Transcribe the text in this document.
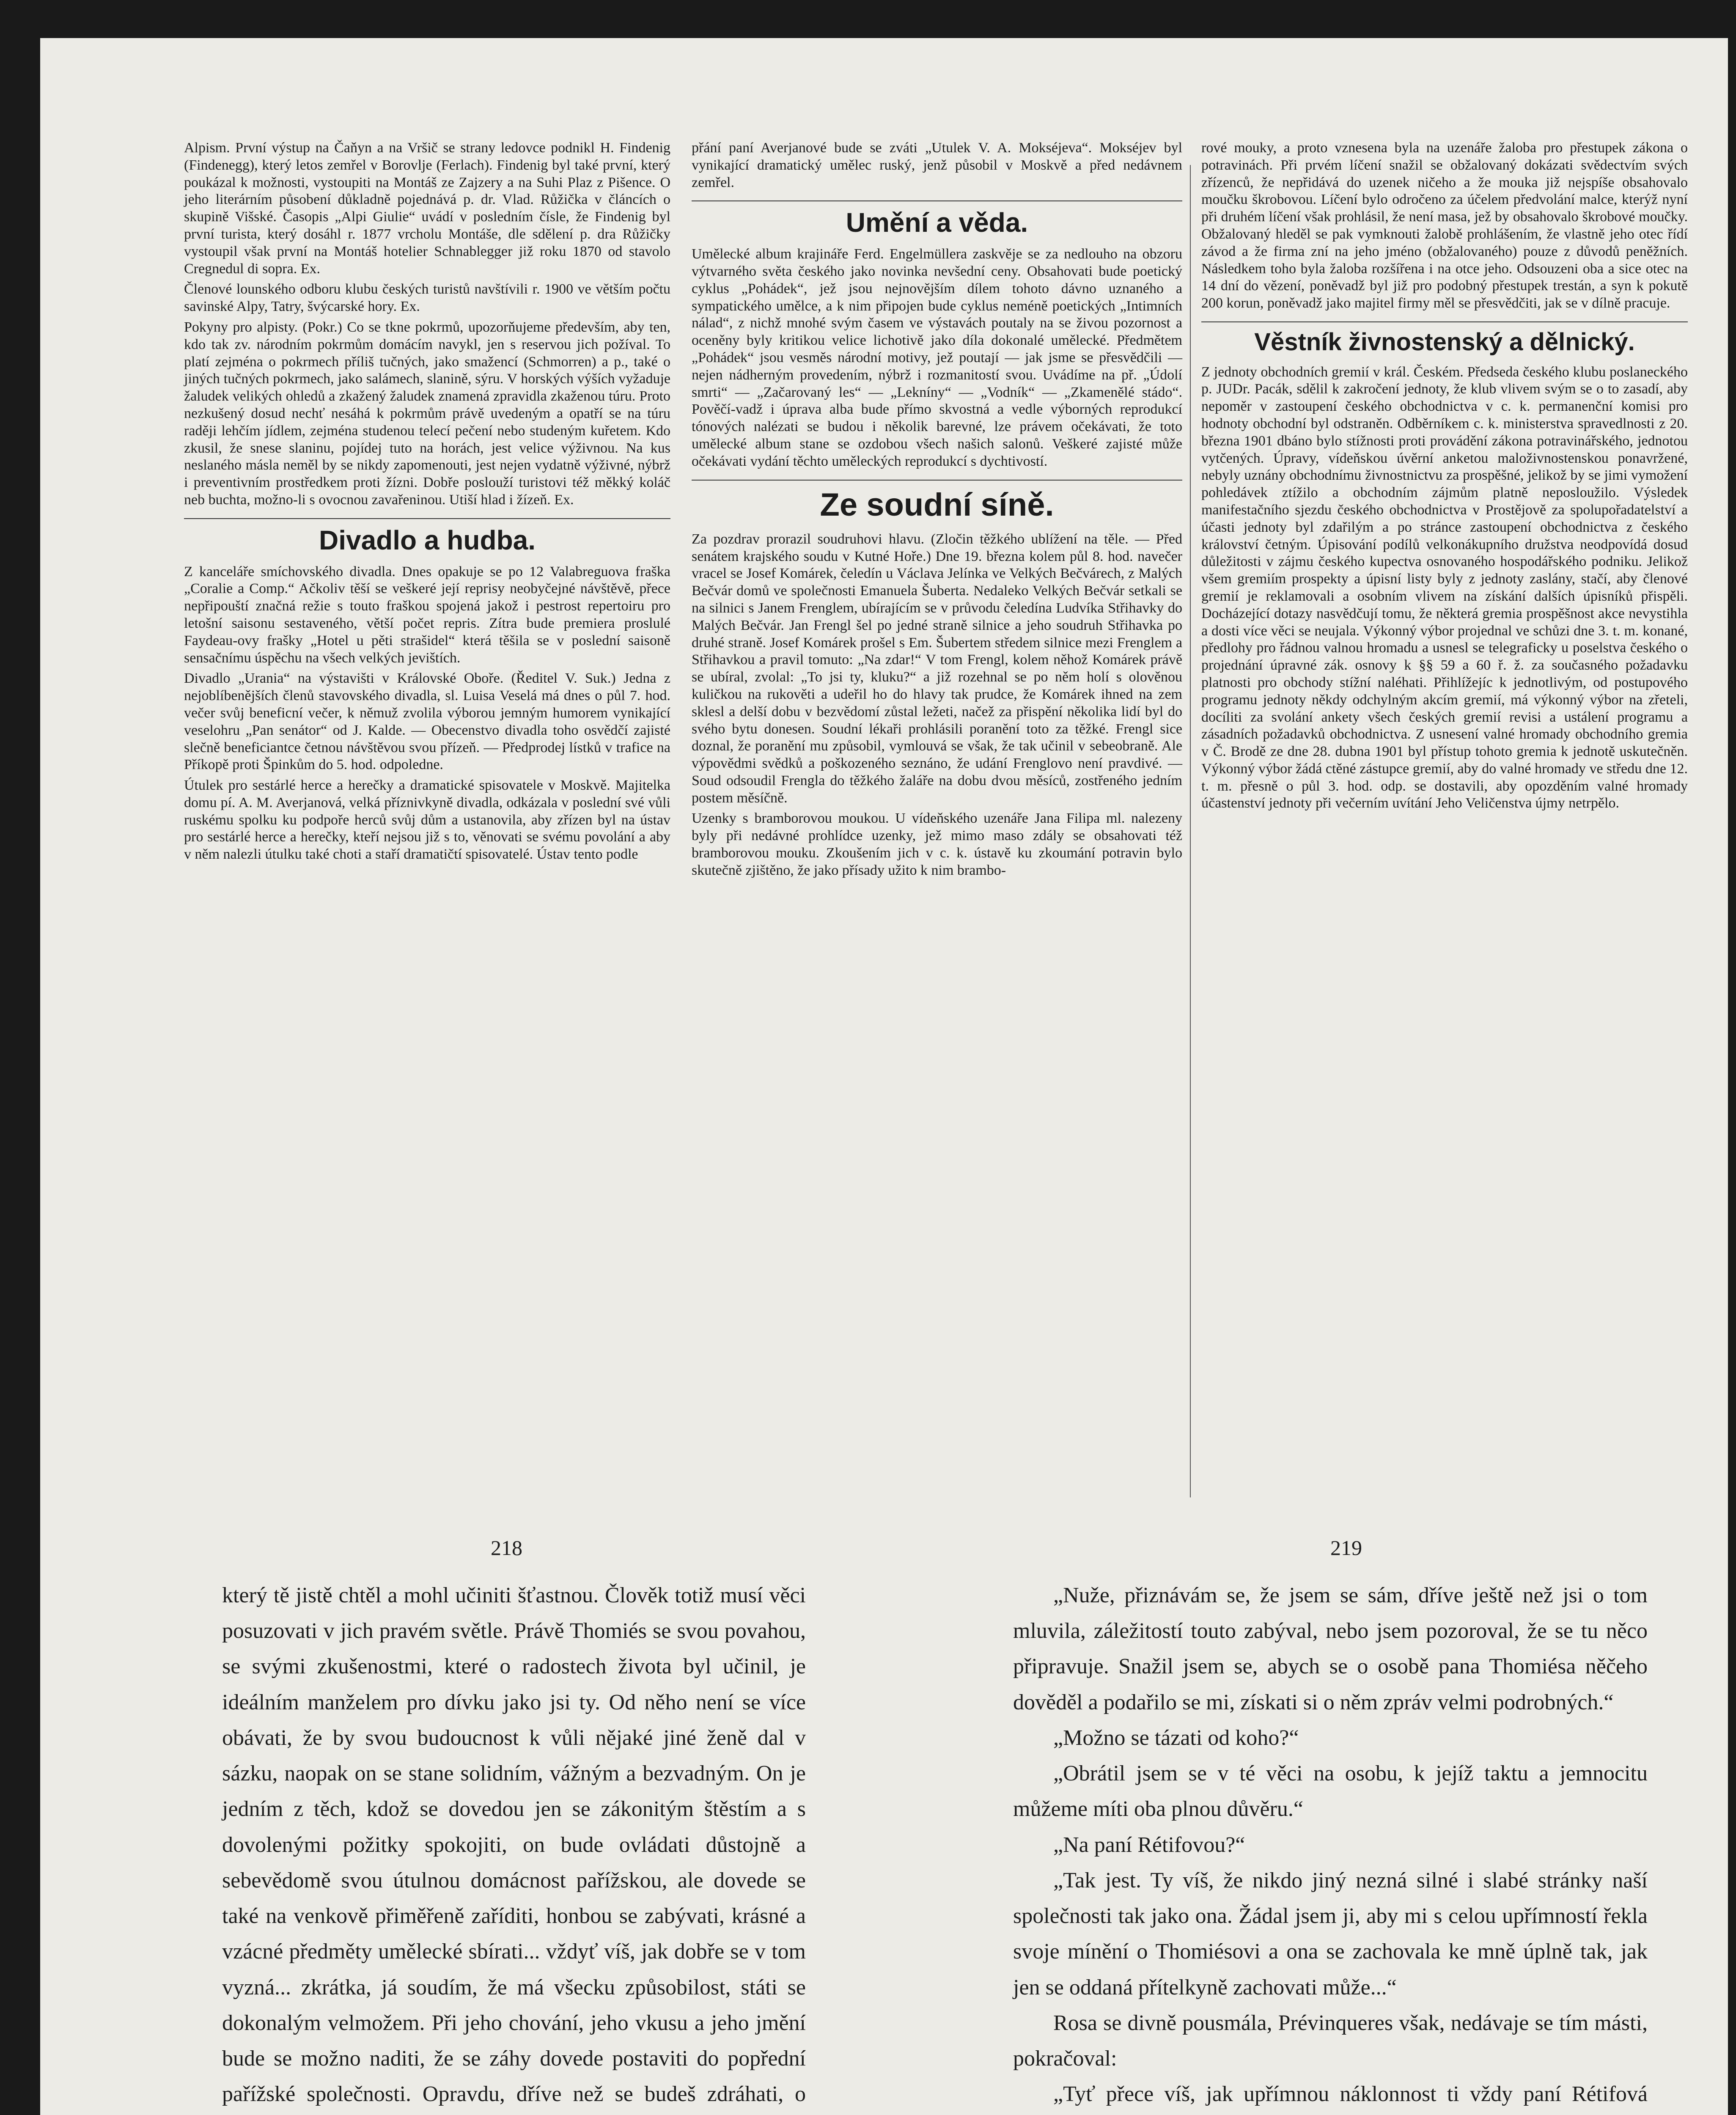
Alpism. První výstup na Čaňyn a na Vršič se strany ledovce podnikl H. Findenig (Findenegg), který letos zemřel v Borovlje (Ferlach). Findenig byl také první, který poukázal k možnosti, vystoupiti na Montáš ze Zajzery a na Suhi Plaz z Pišence. O jeho literárním působení důkladně pojednává p. dr. Vlad. Růžička v článcích o skupině Višské. Časopis „Alpi Giulie“ uvádí v posledním čísle, že Findenig byl první turista, který dosáhl r. 1877 vrcholu Montáše, dle sdělení p. dra Růžičky vystoupil však první na Montáš hotelier Schnablegger již roku 1870 od stavolo Cregnedul di sopra. Ex.

Členové lounského odboru klubu českých turistů navštívili r. 1900 ve větším počtu savinské Alpy, Tatry, švýcarské hory. Ex.

Pokyny pro alpisty. (Pokr.) Co se tkne pokrmů, upozorňujeme především, aby ten, kdo tak zv. národním pokrmům domácím navykl, jen s reservou jich požíval. To platí zejména o pokrmech příliš tučných, jako smažencí (Schmorren) a p., také o jiných tučných pokrmech, jako salámech, slanině, sýru. V horských výších vyžaduje žaludek velikých ohledů a zkažený žaludek znamená zpravidla zkaženou túru. Proto nezkušený dosud nechť nesáhá k pokrmům právě uvedeným a opatří se na túru raději lehčím jídlem, zejména studenou telecí pečení nebo studeným kuřetem. Kdo zkusil, že snese slaninu, pojídej tuto na horách, jest velice výživnou. Na kus neslaného másla neměl by se nikdy zapomenouti, jest nejen vydatně výživné, nýbrž i preventivním prostředkem proti žízni. Dobře poslouží turistovi též měkký koláč neb buchta, možno-li s ovocnou zavařeninou. Utiší hlad i žízeň. Ex.

Divadlo a hudba.

Z kanceláře smíchovského divadla. Dnes opakuje se po 12 Valabreguova fraška „Coralie a Comp.“ Ačkoliv těší se veškeré její reprisy neobyčejné návštěvě, přece nepřipouští značná režie s touto fraškou spojená jakož i pestrost repertoiru pro letošní saisonu sestaveného, větší počet repris. Zítra bude premiera proslulé Faydeau-ovy frašky „Hotel u pěti strašidel“ která těšila se v poslední saisoně sensačnímu úspěchu na všech velkých jevištích.

Divadlo „Urania“ na výstavišti v Královské Oboře. (Ředitel V. Suk.) Jedna z nejoblíbenějších členů stavovského divadla, sl. Luisa Veselá má dnes o půl 7. hod. večer svůj beneficní večer, k němuž zvolila výborou jemným humorem vynikající veselohru „Pan senátor“ od J. Kalde. — Obecenstvo divadla toho osvědčí zajisté slečně beneficiantce četnou návštěvou svou přízeň. — Předprodej lístků v trafice na Příkopě proti Špinkům do 5. hod. odpoledne.

Útulek pro sestárlé herce a herečky a dramatické spisovatele v Moskvě. Majitelka domu pí. A. M. Averjanová, velká příznivkyně divadla, odkázala v poslední své vůli ruskému spolku ku podpoře herců svůj dům a ustanovila, aby zřízen byl na ústav pro sestárlé herce a herečky, kteří nejsou již s to, věnovati se svému povolání a aby v něm nalezli útulku také choti a staří dramatičtí spisovatelé. Ústav tento podle

přání paní Averjanové bude se zváti „Utulek V. A. Mokséjeva“. Mokséjev byl vynikající dramatický umělec ruský, jenž působil v Moskvě a před nedávnem zemřel.

Umění a věda.

Umělecké album krajináře Ferd. Engelmüllera zaskvěje se za nedlouho na obzoru výtvarného světa českého jako novinka nevšední ceny. Obsahovati bude poetický cyklus „Pohádek“, jež jsou nejnovějším dílem tohoto dávno uznaného a sympatického umělce, a k nim připojen bude cyklus neméně poetických „Intimních nálad“, z nichž mnohé svým časem ve výstavách poutaly na se živou pozornost a oceněny byly kritikou velice lichotivě jako díla dokonalé umělecké. Předmětem „Pohádek“ jsou vesměs národní motivy, jež poutají — jak jsme se přesvědčili — nejen nádherným provedením, nýbrž i rozmanitostí svou. Uvádíme na př. „Údolí smrti“ — „Začarovaný les“ — „Lekníny“ — „Vodník“ — „Zkamenělé stádo“. Pověčí-vadž i úprava alba bude přímo skvostná a vedle výborných reprodukcí tónových nalézati se budou i několik barevné, lze právem očekávati, že toto umělecké album stane se ozdobou všech našich salonů. Veškeré zajisté může očekávati vydání těchto uměleckých reprodukcí s dychtivostí.

Ze soudní síně.

Za pozdrav prorazil soudruhovi hlavu. (Zločin těžkého ublížení na těle. — Před senátem krajského soudu v Kutné Hoře.) Dne 19. března kolem půl 8. hod. navečer vracel se Josef Komárek, čeledín u Václava Jelínka ve Velkých Bečvárech, z Malých Bečvár domů ve společnosti Emanuela Šuberta. Nedaleko Velkých Bečvár setkali se na silnici s Janem Frenglem, ubírajícím se v průvodu čeledína Ludvíka Střihavky do Malých Bečvár. Jan Frengl šel po jedné straně silnice a jeho soudruh Střihavka po druhé straně. Josef Komárek prošel s Em. Šubertem středem silnice mezi Frenglem a Střihavkou a pravil tomuto: „Na zdar!“ V tom Frengl, kolem něhož Komárek právě se ubíral, zvolal: „To jsi ty, kluku?“ a již rozehnal se po něm holí s olověnou kuličkou na rukověti a udeřil ho do hlavy tak prudce, že Komárek ihned na zem sklesl a delší dobu v bezvědomí zůstal ležeti, načež za přispění několika lidí byl do svého bytu donesen. Soudní lékaři prohlásili poranění toto za těžké. Frengl sice doznal, že poranění mu způsobil, vymlouvá se však, že tak učinil v sebeobraně. Ale výpovědmi svědků a poškozeného seznáno, že udání Frenglovo není pravdivé. — Soud odsoudil Frengla do těžkého žaláře na dobu dvou měsíců, zostřeného jedním postem měsíčně.

Uzenky s bramborovou moukou. U vídeňského uzenáře Jana Filipa ml. nalezeny byly při nedávné prohlídce uzenky, jež mimo maso zdály se obsahovati též bramborovou mouku. Zkoušením jich v c. k. ústavě ku zkoumání potravin bylo skutečně zjištěno, že jako přísady užito k nim brambo-

rové mouky, a proto vznesena byla na uzenáře žaloba pro přestupek zákona o potravinách. Při prvém líčení snažil se obžalovaný dokázati svědectvím svých zřízenců, že nepřidává do uzenek ničeho a že mouka již nejspíše obsahovalo moučku škrobovou. Líčení bylo odročeno za účelem předvolání malce, kterýž nyní při druhém líčení však prohlásil, že není masa, jež by obsahovalo škrobové moučky. Obžalovaný hleděl se pak vymknouti žalobě prohlášením, že vlastně jeho otec řídí závod a že firma zní na jeho jméno (obžalovaného) pouze z důvodů peněžních. Následkem toho byla žaloba rozšířena i na otce jeho. Odsouzeni oba a sice otec na 14 dní do vězení, poněvadž byl již pro podobný přestupek trestán, a syn k pokutě 200 korun, poněvadž jako majitel firmy měl se přesvědčiti, jak se v dílně pracuje.

Věstník živnostenský a dělnický.

Z jednoty obchodních gremií v král. Českém. Předseda českého klubu poslaneckého p. JUDr. Pacák, sdělil k zakročení jednoty, že klub vlivem svým se o to zasadí, aby nepoměr v zastoupení českého obchodnictva v c. k. permanenční komisi pro hodnoty obchodní byl odstraněn. Odběrníkem c. k. ministerstva spravedlnosti z 20. března 1901 dbáno bylo stížnosti proti provádění zákona potravinářského, jednotou vytčených. Úpravy, vídeňskou úvěrní anketou maloživnostenskou ponavržené, nebyly uznány obchodnímu živnostnictvu za prospěšné, jelikož by se jimi vymožení pohledávek ztížilo a obchodním zájmům platně neposloužilo. Výsledek manifestačního sjezdu českého obchodnictva v Prostějově za spolupořadatelství a účasti jednoty byl zdařilým a po stránce zastoupení obchodnictva z českého království četným. Úpisování podílů velkonákupního družstva neodpovídá dosud důležitosti v zájmu českého kupectva osnovaného hospodářského podniku. Jelikož všem gremiím prospekty a úpisní listy byly z jednoty zaslány, stačí, aby členové gremií je reklamovali a osobním vlivem na získání dalších úpisníků přispěli. Docházející dotazy nasvědčují tomu, že některá gremia prospěšnost akce nevystihla a dosti více věci se neujala. Výkonný výbor projednal ve schůzi dne 3. t. m. konané, předlohy pro řádnou valnou hromadu a usnesl se telegraficky u poselstva českého o projednání úpravné zák. osnovy k §§ 59 a 60 ř. ž. za současného požadavku platnosti pro obchody stížní naléhati. Přihlížejíc k jednotlivým, od postupového programu jednoty někdy odchylným akcím gremií, má výkonný výbor na zřeteli, docíliti za svolání ankety všech českých gremií revisi a ustálení programu a zásadních požadavků obchodnictva. Z usnesení valné hromady obchodního gremia v Č. Brodě ze dne 28. dubna 1901 byl přístup tohoto gremia k jednotě uskutečněn. Výkonný výbor žádá ctěné zástupce gremií, aby do valné hromady ve středu dne 12. t. m. přesně o půl 3. hod. odp. se dostavili, aby opozděním valné hromady účastenství jednoty při večerním uvítání Jeho Veličenstva újmy netrpělo.

218	219

který tě jistě chtěl a mohl učiniti šťastnou. Člověk totiž musí věci posuzovati v jich pravém světle. Právě Thomiés se svou povahou, se svými zkušenostmi, které o radostech života byl učinil, je ideálním manželem pro dívku jako jsi ty. Od něho není se více obávati, že by svou budoucnost k vůli nějaké jiné ženě dal v sázku, naopak on se stane solidním, vážným a bezvadným. On je jedním z těch, kdož se dovedou jen se zákonitým štěstím a s dovolenými požitky spokojiti, on bude ovládati důstojně a sebevědomě svou útulnou domácnost pařížskou, ale dovede se také na venkově přiměřeně zaříditi, honbou se zabývati, krásné a vzácné předměty umělecké sbírati... vždyť víš, jak dobře se v tom vyzná... zkrátka, já soudím, že má všecku způsobilost, státi se dokonalým velmožem. Při jeho chování, jeho vkusu a jeho jmění bude se možno naditi, že se záhy dovede postaviti do popřední pařížské společnosti. Opravdu, dříve než se budeš zdráhati, o

„Nuže, přiznávám se, že jsem se sám, dříve ještě než jsi o tom mluvila, záležitostí touto zabýval, nebo jsem pozoroval, že se tu něco připravuje. Snažil jsem se, abych se o osobě pana Thomiésa něčeho dověděl a podařilo se mi, získati si o něm zpráv velmi podrobných.“

„Možno se tázati od koho?“

„Obrátil jsem se v té věci na osobu, k jejíž taktu a jemnocitu můžeme míti oba plnou důvěru.“

„Na paní Rétifovou?“

„Tak jest. Ty víš, že nikdo jiný nezná silné i slabé stránky naší společnosti tak jako ona. Žádal jsem ji, aby mi s celou upřímností řekla svoje mínění o Thomiésovi a ona se zachovala ke mně úplně tak, jak jen se oddaná přítelkyně zachovati může...“

Rosa se divně pousmála, Prévinqueres však, nedávaje se tím másti, pokračoval:

„Tyť přece víš, jak upřímnou náklonnost ti vždy paní Rétifová
